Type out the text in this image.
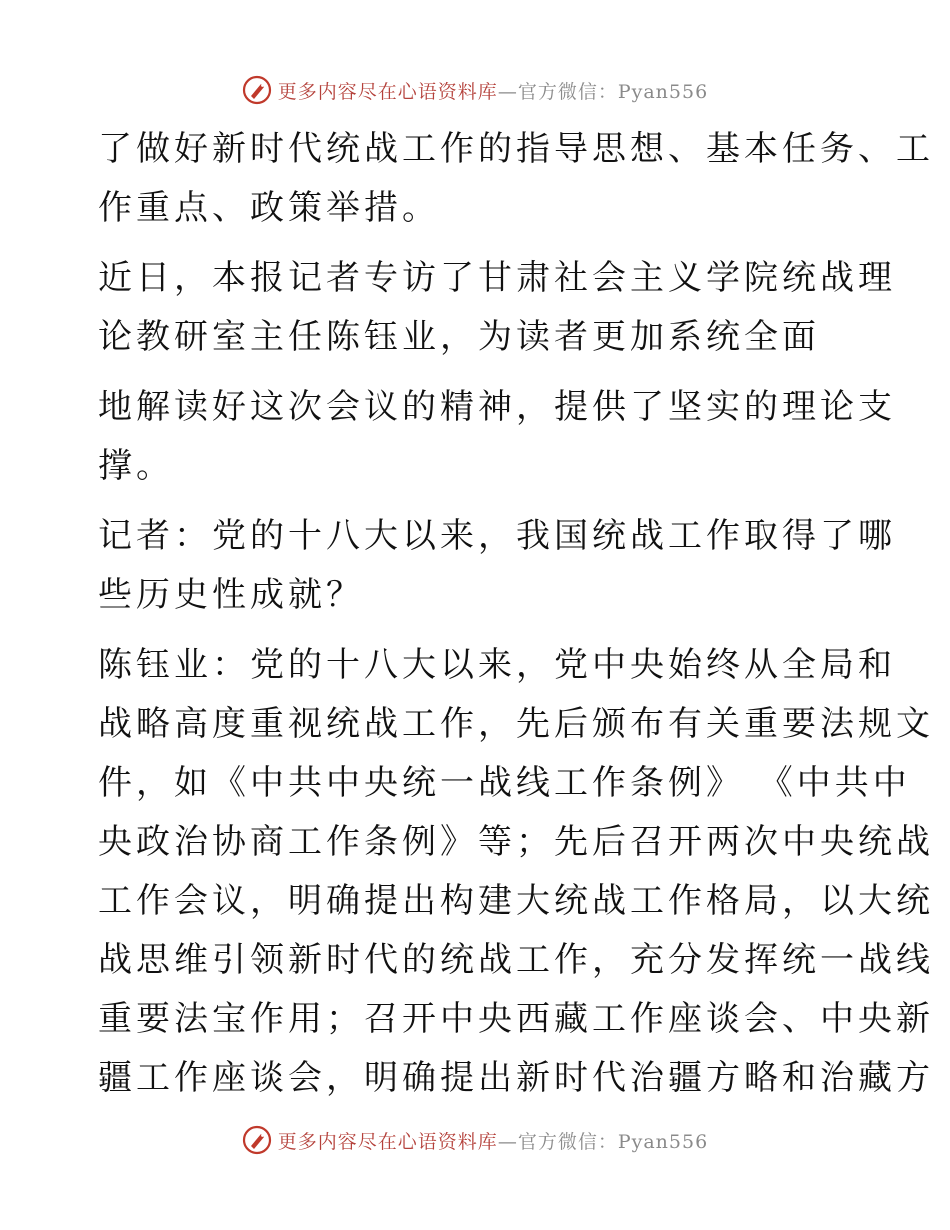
更多内容尽在心语资料库—官方微信：Pyan556
了做好新时代统战工作的指导思想、基本任务、工
作重点、政策举措。
近日，本报记者专访了甘肃社会主义学院统战理
论教研室主任陈钰业，为读者更加系统全面
地解读好这次会议的精神，提供了坚实的理论支
撑。
记者：党的十八大以来，我国统战工作取得了哪
些历史性成就？
陈钰业：党的十八大以来，党中央始终从全局和
战略高度重视统战工作，先后颁布有关重要法规文
件，如《中共中央统一战线工作条例》 《中共中
央政治协商工作条例》等；先后召开两次中央统战
工作会议，明确提出构建大统战工作格局，以大统
战思维引领新时代的统战工作，充分发挥统一战线
重要法宝作用；召开中央西藏工作座谈会、中央新
疆工作座谈会，明确提出新时代治疆方略和治藏方
更多内容尽在心语资料库—官方微信：Pyan556
